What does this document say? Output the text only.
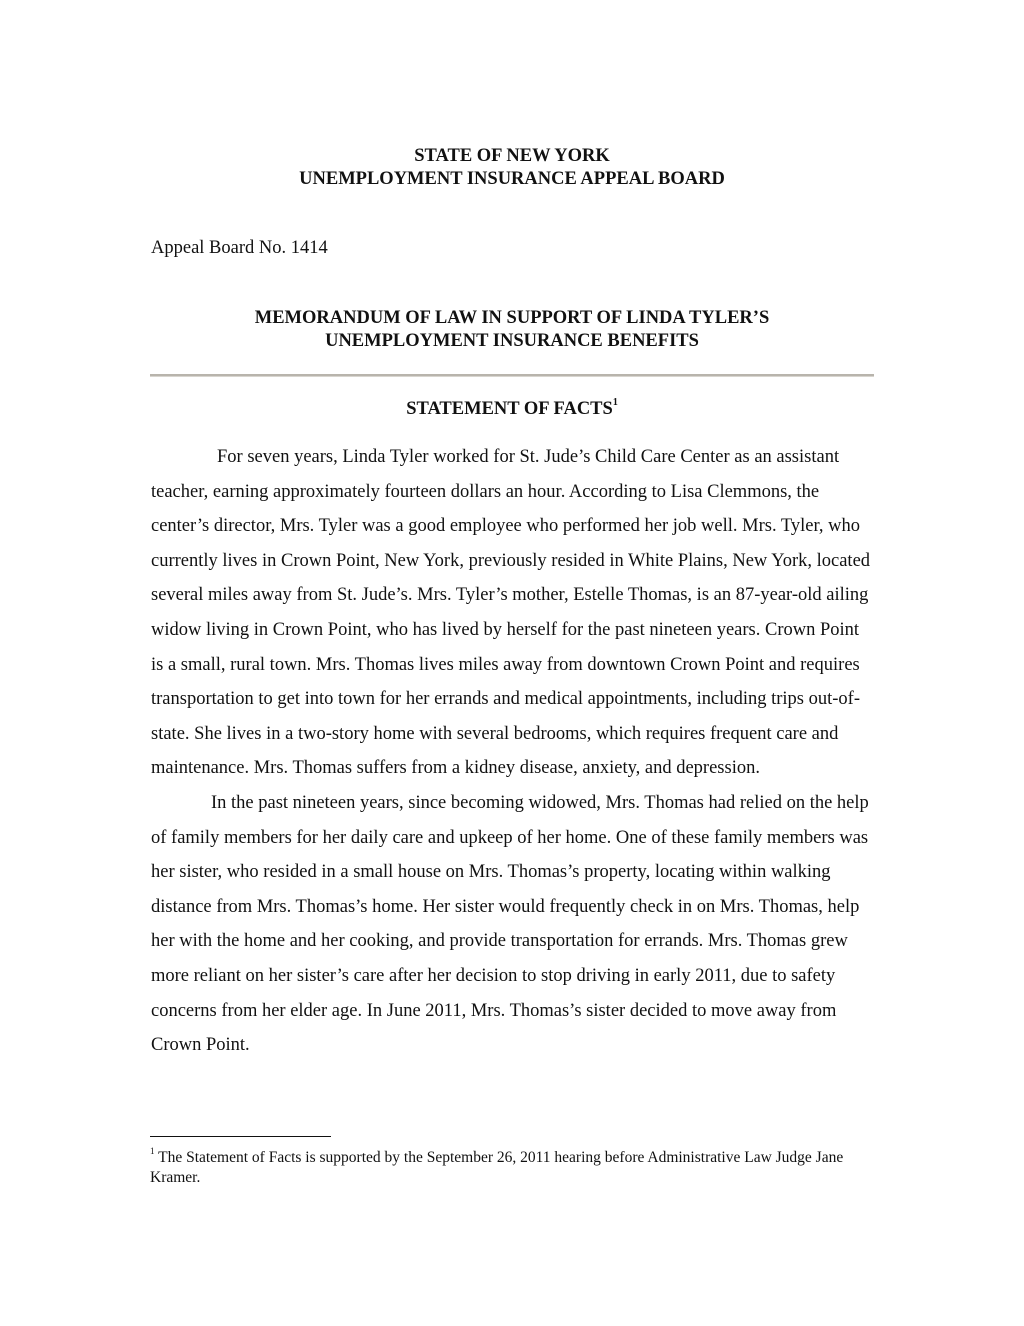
STATE OF NEW YORK
UNEMPLOYMENT INSURANCE APPEAL BOARD
Appeal Board No. 1414
MEMORANDUM OF LAW IN SUPPORT OF LINDA TYLER’S
UNEMPLOYMENT INSURANCE BENEFITS
STATEMENT OF FACTS$^1$

For seven years, Linda Tyler worked for St. Jude’s Child Care Center as an assistant teacher, earning approximately fourteen dollars an hour. According to Lisa Clemmons, the center’s director, Mrs. Tyler was a good employee who performed her job well. Mrs. Tyler, who currently lives in Crown Point, New York, previously resided in White Plains, New York, located several miles away from St. Jude’s. Mrs. Tyler’s mother, Estelle Thomas, is an 87-year-old ailing widow living in Crown Point, who has lived by herself for the past nineteen years. Crown Point is a small, rural town. Mrs. Thomas lives miles away from downtown Crown Point and requires transportation to get into town for her errands and medical appointments, including trips out-of-state. She lives in a two-story home with several bedrooms, which requires frequent care and maintenance. Mrs. Thomas suffers from a kidney disease, anxiety, and depression.

In the past nineteen years, since becoming widowed, Mrs. Thomas had relied on the help of family members for her daily care and upkeep of her home. One of these family members was her sister, who resided in a small house on Mrs. Thomas’s property, locating within walking distance from Mrs. Thomas’s home. Her sister would frequently check in on Mrs. Thomas, help her with the home and her cooking, and provide transportation for errands. Mrs. Thomas grew more reliant on her sister’s care after her decision to stop driving in early 2011, due to safety concerns from her elder age. In June 2011, Mrs. Thomas’s sister decided to move away from Crown Point.

$^1$ The Statement of Facts is supported by the September 26, 2011 hearing before Administrative Law Judge Jane Kramer.
